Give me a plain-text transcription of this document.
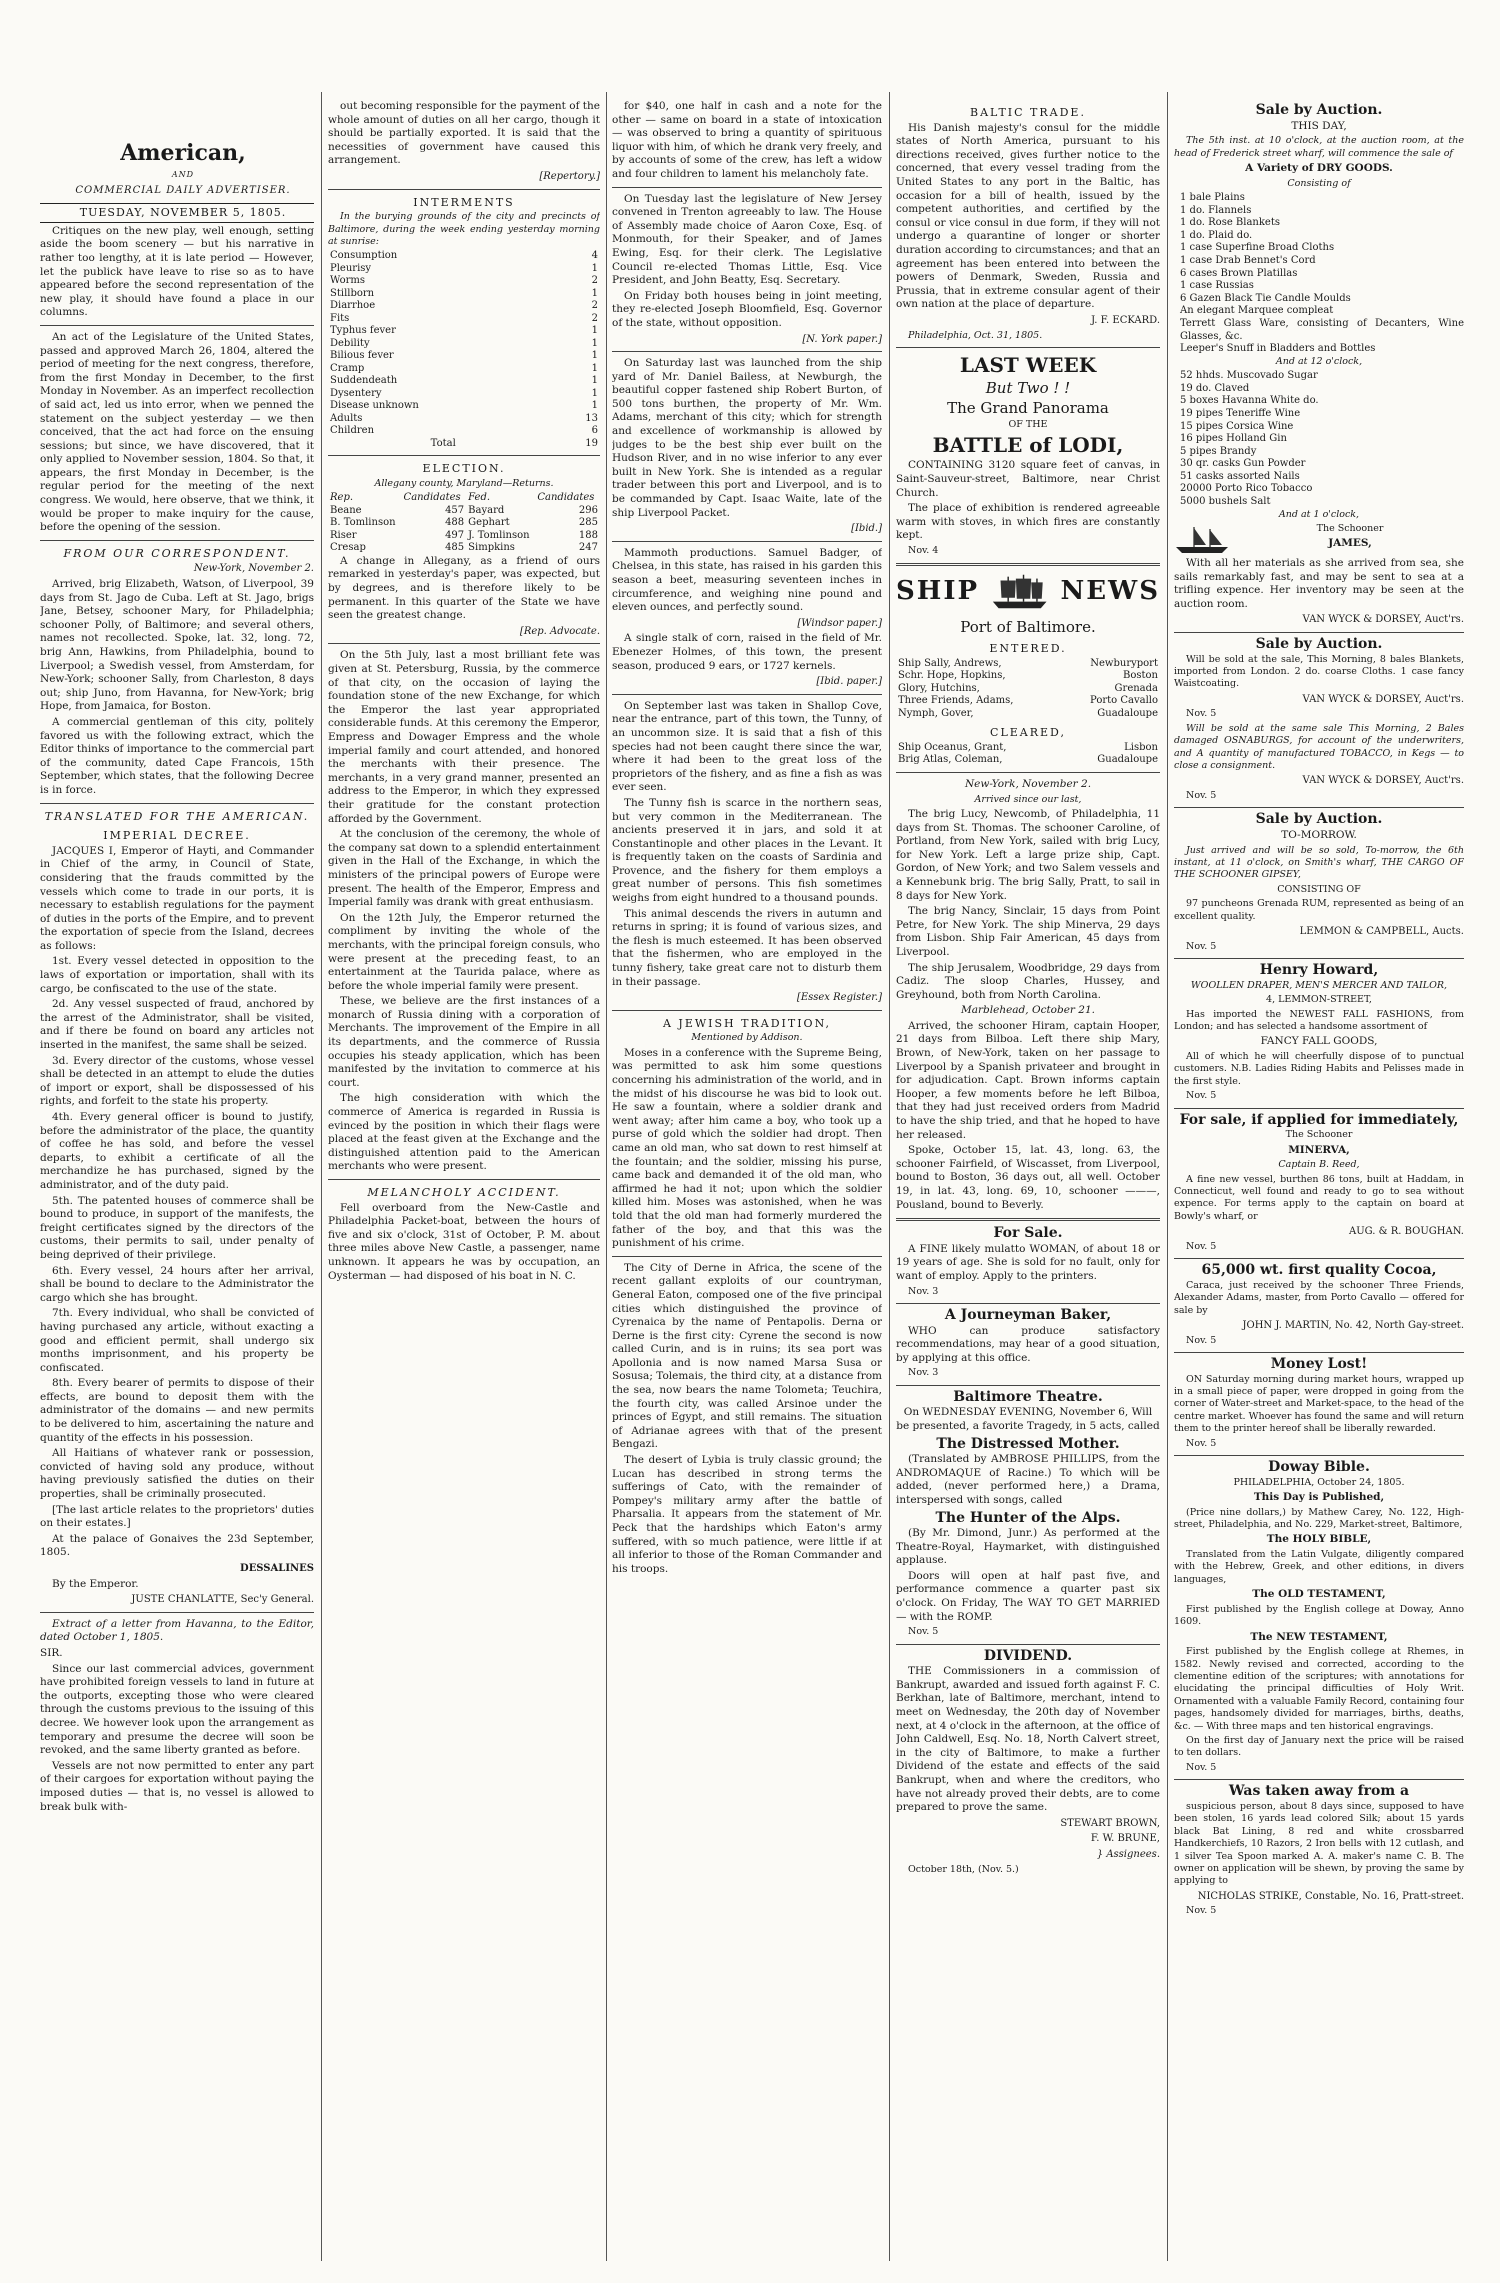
American,

AND

COMMERCIAL DAILY ADVERTISER.

TUESDAY, NOVEMBER 5, 1805.

Critiques on the new play, well enough, setting aside the boom scenery — but his narrative in rather too lengthy, at it is late period — However, let the publick have leave to rise so as to have appeared before the second representation of the new play, it should have found a place in our columns.

An act of the Legislature of the United States, passed and approved March 26, 1804, altered the period of meeting for the next congress, therefore, from the first Monday in December, to the first Monday in November. As an imperfect recollection of said act, led us into error, when we penned the statement on the subject yesterday — we then conceived, that the act had force on the ensuing sessions; but since, we have discovered, that it only applied to November session, 1804. So that, it appears, the first Monday in December, is the regular period for the meeting of the next congress. We would, here observe, that we think, it would be proper to make inquiry for the cause, before the opening of the session.

FROM OUR CORRESPONDENT.

New-York, November 2.

Arrived, brig Elizabeth, Watson, of Liverpool, 39 days from St. Jago de Cuba. Left at St. Jago, brigs Jane, Betsey, schooner Mary, for Philadelphia; schooner Polly, of Baltimore; and several others, names not recollected. Spoke, lat. 32, long. 72, brig Ann, Hawkins, from Philadelphia, bound to Liverpool; a Swedish vessel, from Amsterdam, for New-York; schooner Sally, from Charleston, 8 days out; ship Juno, from Havanna, for New-York; brig Hope, from Jamaica, for Boston.

A commercial gentleman of this city, politely favored us with the following extract, which the Editor thinks of importance to the commercial part of the community, dated Cape Francois, 15th September, which states, that the following Decree is in force.

TRANSLATED FOR THE AMERICAN.

IMPERIAL DECREE.

JACQUES I, Emperor of Hayti, and Commander in Chief of the army, in Council of State, considering that the frauds committed by the vessels which come to trade in our ports, it is necessary to establish regulations for the payment of duties in the ports of the Empire, and to prevent the exportation of specie from the Island, decrees as follows:

1st. Every vessel detected in opposition to the laws of exportation or importation, shall with its cargo, be confiscated to the use of the state.

2d. Any vessel suspected of fraud, anchored by the arrest of the Administrator, shall be visited, and if there be found on board any articles not inserted in the manifest, the same shall be seized.

3d. Every director of the customs, whose vessel shall be detected in an attempt to elude the duties of import or export, shall be dispossessed of his rights, and forfeit to the state his property.

4th. Every general officer is bound to justify, before the administrator of the place, the quantity of coffee he has sold, and before the vessel departs, to exhibit a certificate of all the merchandize he has purchased, signed by the administrator, and of the duty paid.

5th. The patented houses of commerce shall be bound to produce, in support of the manifests, the freight certificates signed by the directors of the customs, their permits to sail, under penalty of being deprived of their privilege.

6th. Every vessel, 24 hours after her arrival, shall be bound to declare to the Administrator the cargo which she has brought.

7th. Every individual, who shall be convicted of having purchased any article, without exacting a good and efficient permit, shall undergo six months imprisonment, and his property be confiscated.

8th. Every bearer of permits to dispose of their effects, are bound to deposit them with the administrator of the domains — and new permits to be delivered to him, ascertaining the nature and quantity of the effects in his possession.

All Haitians of whatever rank or possession, convicted of having sold any produce, without having previously satisfied the duties on their properties, shall be criminally prosecuted.

[The last article relates to the proprietors' duties on their estates.]

At the palace of Gonaives the 23d September, 1805.

DESSALINES

By the Emperor.

JUSTE CHANLATTE, Sec'y General.

Extract of a letter from Havanna, to the Editor, dated October 1, 1805.

SIR.

Since our last commercial advices, government have prohibited foreign vessels to land in future at the outports, excepting those who were cleared through the customs previous to the issuing of this decree. We however look upon the arrangement as temporary and presume the decree will soon be revoked, and the same liberty granted as before.

Vessels are not now permitted to enter any part of their cargoes for exportation without paying the imposed duties — that is, no vessel is allowed to break bulk with-

out becoming responsible for the payment of the whole amount of duties on all her cargo, though it should be partially exported. It is said that the necessities of government have caused this arrangement.

[Repertory.]

INTERMENTS

In the burying grounds of the city and precincts of Baltimore, during the week ending yesterday morning at sunrise:

Consumption	4
Pleurisy	1
Worms	2
Stillborn	1
Diarrhoe	2
Fits	2
Typhus fever	1
Debility	1
Bilious fever	1
Cramp	1
Suddendeath	1
Dysentery	1
Disease unknown	1
Adults	13
Children	6
Total	19

ELECTION.

Allegany county, Maryland—Returns.

Rep.	Candidates	Fed.	Candidates
Beane	457	Bayard	296
B. Tomlinson	488	Gephart	285
Riser	497	J. Tomlinson	188
Cresap	485	Simpkins	247

A change in Allegany, as a friend of ours remarked in yesterday's paper, was expected, but by degrees, and is therefore likely to be permanent. In this quarter of the State we have seen the greatest change.

[Rep. Advocate.

On the 5th July, last a most brilliant fete was given at St. Petersburg, Russia, by the commerce of that city, on the occasion of laying the foundation stone of the new Exchange, for which the Emperor the last year appropriated considerable funds. At this ceremony the Emperor, Empress and Dowager Empress and the whole imperial family and court attended, and honored the merchants with their presence. The merchants, in a very grand manner, presented an address to the Emperor, in which they expressed their gratitude for the constant protection afforded by the Government.

At the conclusion of the ceremony, the whole of the company sat down to a splendid entertainment given in the Hall of the Exchange, in which the ministers of the principal powers of Europe were present. The health of the Emperor, Empress and Imperial family was drank with great enthusiasm.

On the 12th July, the Emperor returned the compliment by inviting the whole of the merchants, with the principal foreign consuls, who were present at the preceding feast, to an entertainment at the Taurida palace, where as before the whole imperial family were present.

These, we believe are the first instances of a monarch of Russia dining with a corporation of Merchants. The improvement of the Empire in all its departments, and the commerce of Russia occupies his steady application, which has been manifested by the invitation to commerce at his court.

The high consideration with which the commerce of America is regarded in Russia is evinced by the position in which their flags were placed at the feast given at the Exchange and the distinguished attention paid to the American merchants who were present.

MELANCHOLY ACCIDENT.

Fell overboard from the New-Castle and Philadelphia Packet-boat, between the hours of five and six o'clock, 31st of October, P. M. about three miles above New Castle, a passenger, name unknown. It appears he was by occupation, an Oysterman — had disposed of his boat in N. C.

for $40, one half in cash and a note for the other — same on board in a state of intoxication — was observed to bring a quantity of spirituous liquor with him, of which he drank very freely, and by accounts of some of the crew, has left a widow and four children to lament his melancholy fate.

On Tuesday last the legislature of New Jersey convened in Trenton agreeably to law. The House of Assembly made choice of Aaron Coxe, Esq. of Monmouth, for their Speaker, and of James Ewing, Esq. for their clerk. The Legislative Council re-elected Thomas Little, Esq. Vice President, and John Beatty, Esq. Secretary.

On Friday both houses being in joint meeting, they re-elected Joseph Bloomfield, Esq. Governor of the state, without opposition.

[N. York paper.]

On Saturday last was launched from the ship yard of Mr. Daniel Bailess, at Newburgh, the beautiful copper fastened ship Robert Burton, of 500 tons burthen, the property of Mr. Wm. Adams, merchant of this city; which for strength and excellence of workmanship is allowed by judges to be the best ship ever built on the Hudson River, and in no wise inferior to any ever built in New York. She is intended as a regular trader between this port and Liverpool, and is to be commanded by Capt. Isaac Waite, late of the ship Liverpool Packet.

[Ibid.]

Mammoth productions. Samuel Badger, of Chelsea, in this state, has raised in his garden this season a beet, measuring seventeen inches in circumference, and weighing nine pound and eleven ounces, and perfectly sound.

[Windsor paper.]

A single stalk of corn, raised in the field of Mr. Ebenezer Holmes, of this town, the present season, produced 9 ears, or 1727 kernels.

[Ibid. paper.]

On September last was taken in Shallop Cove, near the entrance, part of this town, the Tunny, of an uncommon size. It is said that a fish of this species had not been caught there since the war, where it had been to the great loss of the proprietors of the fishery, and as fine a fish as was ever seen.

The Tunny fish is scarce in the northern seas, but very common in the Mediterranean. The ancients preserved it in jars, and sold it at Constantinople and other places in the Levant. It is frequently taken on the coasts of Sardinia and Provence, and the fishery for them employs a great number of persons. This fish sometimes weighs from eight hundred to a thousand pounds.

This animal descends the rivers in autumn and returns in spring; it is found of various sizes, and the flesh is much esteemed. It has been observed that the fishermen, who are employed in the tunny fishery, take great care not to disturb them in their passage.

[Essex Register.]

A JEWISH TRADITION,

Mentioned by Addison.

Moses in a conference with the Supreme Being, was permitted to ask him some questions concerning his administration of the world, and in the midst of his discourse he was bid to look out. He saw a fountain, where a soldier drank and went away; after him came a boy, who took up a purse of gold which the soldier had dropt. Then came an old man, who sat down to rest himself at the fountain; and the soldier, missing his purse, came back and demanded it of the old man, who affirmed he had it not; upon which the soldier killed him. Moses was astonished, when he was told that the old man had formerly murdered the father of the boy, and that this was the punishment of his crime.

The City of Derne in Africa, the scene of the recent gallant exploits of our countryman, General Eaton, composed one of the five principal cities which distinguished the province of Cyrenaica by the name of Pentapolis. Derna or Derne is the first city: Cyrene the second is now called Curin, and is in ruins; its sea port was Apollonia and is now named Marsa Susa or Sosusa; Tolemais, the third city, at a distance from the sea, now bears the name Tolometa; Teuchira, the fourth city, was called Arsinoe under the princes of Egypt, and still remains. The situation of Adrianae agrees with that of the present Bengazi.

The desert of Lybia is truly classic ground; the Lucan has described in strong terms the sufferings of Cato, with the remainder of Pompey's military army after the battle of Pharsalia. It appears from the statement of Mr. Peck that the hardships which Eaton's army suffered, with so much patience, were little if at all inferior to those of the Roman Commander and his troops.

BALTIC TRADE.

His Danish majesty's consul for the middle states of North America, pursuant to his directions received, gives further notice to the concerned, that every vessel trading from the United States to any port in the Baltic, has occasion for a bill of health, issued by the competent authorities, and certified by the consul or vice consul in due form, if they will not undergo a quarantine of longer or shorter duration according to circumstances; and that an agreement has been entered into between the powers of Denmark, Sweden, Russia and Prussia, that in extreme consular agent of their own nation at the place of departure.

J. F. ECKARD.

Philadelphia, Oct. 31, 1805.

LAST WEEK

But Two ! !

The Grand Panorama

OF THE

BATTLE of LODI,

CONTAINING 3120 square feet of canvas, in Saint-Sauveur-street, Baltimore, near Christ Church.

The place of exhibition is rendered agreeable warm with stoves, in which fires are constantly kept.

Nov. 4

SHIP	NEWS

Port of Baltimore.

ENTERED.

Ship Sally, Andrews,	Newburyport
Schr. Hope, Hopkins,	Boston
Glory, Hutchins,	Grenada
Three Friends, Adams,	Porto Cavallo
Nymph, Gover,	Guadaloupe

CLEARED,

Ship Oceanus, Grant,	Lisbon
Brig Atlas, Coleman,	Guadaloupe

New-York, November 2.

Arrived since our last,

The brig Lucy, Newcomb, of Philadelphia, 11 days from St. Thomas. The schooner Caroline, of Portland, from New York, sailed with brig Lucy, for New York. Left a large prize ship, Capt. Gordon, of New York; and two Salem vessels and a Kennebunk brig. The brig Sally, Pratt, to sail in 8 days for New York.

The brig Nancy, Sinclair, 15 days from Point Petre, for New York. The ship Minerva, 29 days from Lisbon. Ship Fair American, 45 days from Liverpool.

The ship Jerusalem, Woodbridge, 29 days from Cadiz. The sloop Charles, Hussey, and Greyhound, both from North Carolina.

Marblehead, October 21.

Arrived, the schooner Hiram, captain Hooper, 21 days from Bilboa. Left there ship Mary, Brown, of New-York, taken on her passage to Liverpool by a Spanish privateer and brought in for adjudication. Capt. Brown informs captain Hooper, a few moments before he left Bilboa, that they had just received orders from Madrid to have the ship tried, and that he hoped to have her released.

Spoke, October 15, lat. 43, long. 63, the schooner Fairfield, of Wiscasset, from Liverpool, bound to Boston, 36 days out, all well. October 19, in lat. 43, long. 69, 10, schooner ———, Pousland, bound to Beverly.

For Sale.

A FINE likely mulatto WOMAN, of about 18 or 19 years of age. She is sold for no fault, only for want of employ. Apply to the printers.

Nov. 3

A Journeyman Baker,

WHO can produce satisfactory recommendations, may hear of a good situation, by applying at this office.

Nov. 3

Baltimore Theatre.

On WEDNESDAY EVENING, November 6, Will be presented, a favorite Tragedy, in 5 acts, called

The Distressed Mother.

(Translated by AMBROSE PHILLIPS, from the ANDROMAQUE of Racine.) To which will be added, (never performed here,) a Drama, interspersed with songs, called

The Hunter of the Alps.

(By Mr. Dimond, Junr.) As performed at the Theatre-Royal, Haymarket, with distinguished applause.

Doors will open at half past five, and performance commence a quarter past six o'clock. On Friday, The WAY TO GET MARRIED — with the ROMP.

Nov. 5

DIVIDEND.

THE Commissioners in a commission of Bankrupt, awarded and issued forth against F. C. Berkhan, late of Baltimore, merchant, intend to meet on Wednesday, the 20th day of November next, at 4 o'clock in the afternoon, at the office of John Caldwell, Esq. No. 18, North Calvert street, in the city of Baltimore, to make a further Dividend of the estate and effects of the said Bankrupt, when and where the creditors, who have not already proved their debts, are to come prepared to prove the same.

STEWART BROWN,

F. W. BRUNE,

} Assignees.

October 18th, (Nov. 5.)

Sale by Auction.

THIS DAY,

The 5th inst. at 10 o'clock, at the auction room, at the head of Frederick street wharf, will commence the sale of

A Variety of DRY GOODS.

Consisting of

1 bale Plains
1 do. Flannels
1 do. Rose Blankets
1 do. Plaid do.
1 case Superfine Broad Cloths
1 case Drab Bennet's Cord
6 cases Brown Platillas
1 case Russias
6 Gazen Black Tie Candle Moulds
An elegant Marquee compleat
Terrett Glass Ware, consisting of Decanters, Wine Glasses, &c.
Leeper's Snuff in Bladders and Bottles

And at 12 o'clock,

52 hhds. Muscovado Sugar
19 do. Claved
5 boxes Havanna White do.
19 pipes Teneriffe Wine
15 pipes Corsica Wine
16 pipes Holland Gin
5 pipes Brandy
30 qr. casks Gun Powder
51 casks assorted Nails
20000 Porto Rico Tobacco
5000 bushels Salt

And at 1 o'clock,

The Schooner

JAMES,

With all her materials as she arrived from sea, she sails remarkably fast, and may be sent to sea at a trifling expence. Her inventory may be seen at the auction room.

VAN WYCK & DORSEY, Auct'rs.

Sale by Auction.

Will be sold at the sale, This Morning, 8 bales Blankets, imported from London. 2 do. coarse Cloths. 1 case fancy Waistcoating.

VAN WYCK & DORSEY, Auct'rs.

Nov. 5

Will be sold at the same sale This Morning, 2 Bales damaged OSNABURGS, for account of the underwriters, and A quantity of manufactured TOBACCO, in Kegs — to close a consignment.

VAN WYCK & DORSEY, Auct'rs.

Nov. 5

Sale by Auction.

TO-MORROW.

Just arrived and will be so sold, To-morrow, the 6th instant, at 11 o'clock, on Smith's wharf, THE CARGO OF THE SCHOONER GIPSEY,

CONSISTING OF

97 puncheons Grenada RUM, represented as being of an excellent quality.

LEMMON & CAMPBELL, Aucts.

Nov. 5

Henry Howard,

WOOLLEN DRAPER, MEN'S MERCER AND TAILOR,

4, LEMMON-STREET,

Has imported the NEWEST FALL FASHIONS, from London; and has selected a handsome assortment of

FANCY FALL GOODS,

All of which he will cheerfully dispose of to punctual customers. N.B. Ladies Riding Habits and Pelisses made in the first style.

Nov. 5

For sale, if applied for immediately,

The Schooner

MINERVA,

Captain B. Reed,

A fine new vessel, burthen 86 tons, built at Haddam, in Connecticut, well found and ready to go to sea without expence. For terms apply to the captain on board at Bowly's wharf, or

AUG. & R. BOUGHAN.

Nov. 5

65,000 wt. first quality Cocoa,

Caraca, just received by the schooner Three Friends, Alexander Adams, master, from Porto Cavallo — offered for sale by

JOHN J. MARTIN, No. 42, North Gay-street.

Nov. 5

Money Lost!

ON Saturday morning during market hours, wrapped up in a small piece of paper, were dropped in going from the corner of Water-street and Market-space, to the head of the centre market. Whoever has found the same and will return them to the printer hereof shall be liberally rewarded.

Nov. 5

Doway Bible.

PHILADELPHIA, October 24, 1805.

This Day is Published,

(Price nine dollars,) by Mathew Carey, No. 122, High-street, Philadelphia, and No. 229, Market-street, Baltimore,

The HOLY BIBLE,

Translated from the Latin Vulgate, diligently compared with the Hebrew, Greek, and other editions, in divers languages,

The OLD TESTAMENT,

First published by the English college at Doway, Anno 1609.

The NEW TESTAMENT,

First published by the English college at Rhemes, in 1582. Newly revised and corrected, according to the clementine edition of the scriptures; with annotations for elucidating the principal difficulties of Holy Writ. Ornamented with a valuable Family Record, containing four pages, handsomely divided for marriages, births, deaths, &c. — With three maps and ten historical engravings.

On the first day of January next the price will be raised to ten dollars.

Nov. 5

Was taken away from a

suspicious person, about 8 days since, supposed to have been stolen, 16 yards lead colored Silk; about 15 yards black Bat Lining, 8 red and white crossbarred Handkerchiefs, 10 Razors, 2 Iron bells with 12 cutlash, and 1 silver Tea Spoon marked A. A. maker's name C. B. The owner on application will be shewn, by proving the same by applying to

NICHOLAS STRIKE, Constable, No. 16, Pratt-street.

Nov. 5
